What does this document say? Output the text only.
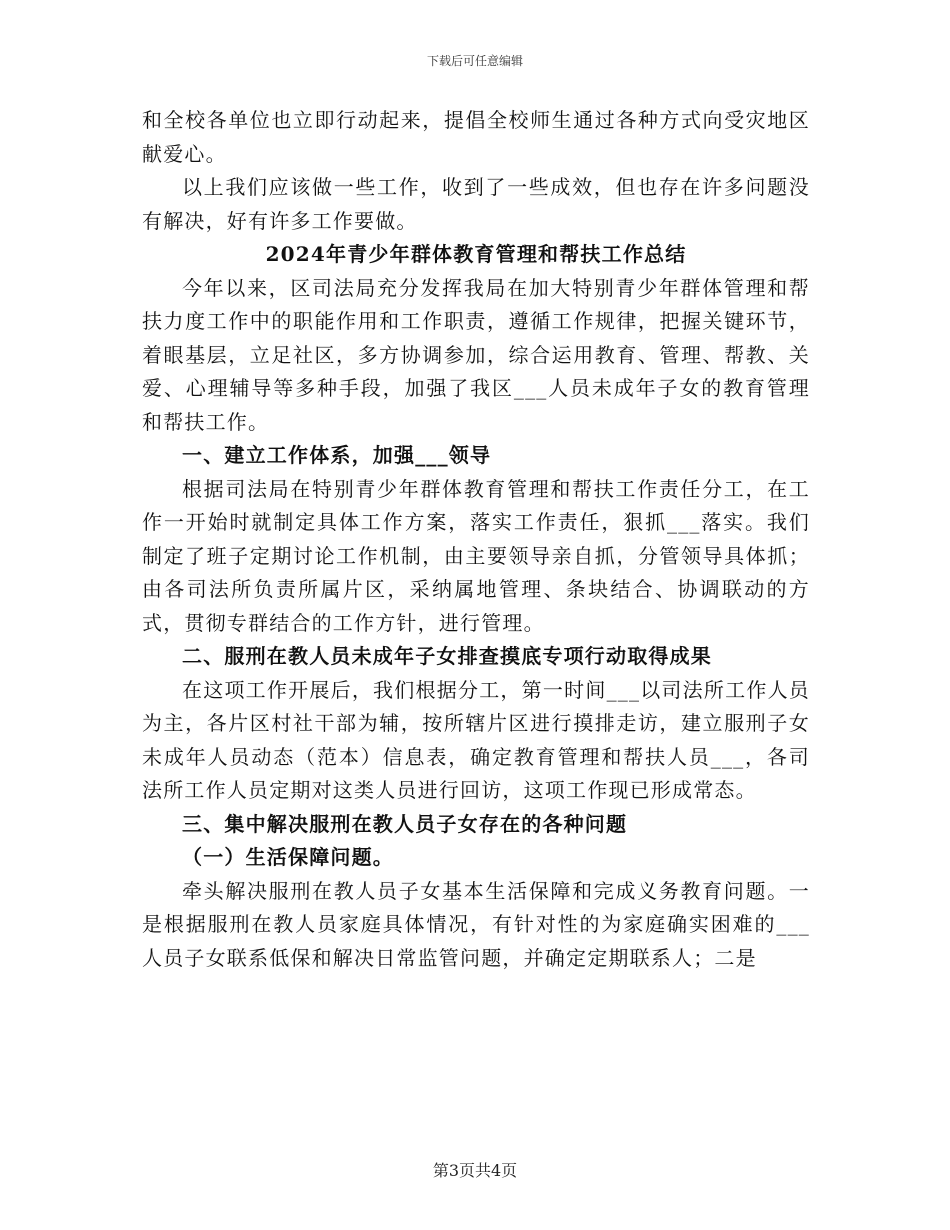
下载后可任意编辑

和全校各单位也立即行动起来，提倡全校师生通过各种方式向受灾地区献爱心。

以上我们应该做一些工作，收到了一些成效，但也存在许多问题没有解决，好有许多工作要做。

2024年青少年群体教育管理和帮扶工作总结

今年以来，区司法局充分发挥我局在加大特别青少年群体管理和帮扶力度工作中的职能作用和工作职责，遵循工作规律，把握关键环节，着眼基层，立足社区，多方协调参加，综合运用教育、管理、帮教、关爱、心理辅导等多种手段，加强了我区___人员未成年子女的教育管理和帮扶工作。

一、建立工作体系，加强___领导

根据司法局在特别青少年群体教育管理和帮扶工作责任分工，在工作一开始时就制定具体工作方案，落实工作责任，狠抓___落实。我们制定了班子定期讨论工作机制，由主要领导亲自抓，分管领导具体抓；由各司法所负责所属片区，采纳属地管理、条块结合、协调联动的方式，贯彻专群结合的工作方针，进行管理。

二、服刑在教人员未成年子女排查摸底专项行动取得成果

在这项工作开展后，我们根据分工，第一时间___以司法所工作人员为主，各片区村社干部为辅，按所辖片区进行摸排走访，建立服刑子女未成年人员动态（范本）信息表，确定教育管理和帮扶人员___，各司法所工作人员定期对这类人员进行回访，这项工作现已形成常态。

三、集中解决服刑在教人员子女存在的各种问题

（一）生活保障问题。

牵头解决服刑在教人员子女基本生活保障和完成义务教育问题。一是根据服刑在教人员家庭具体情况，有针对性的为家庭确实困难的___人员子女联系低保和解决日常监管问题，并确定定期联系人；二是

第3页共4页
